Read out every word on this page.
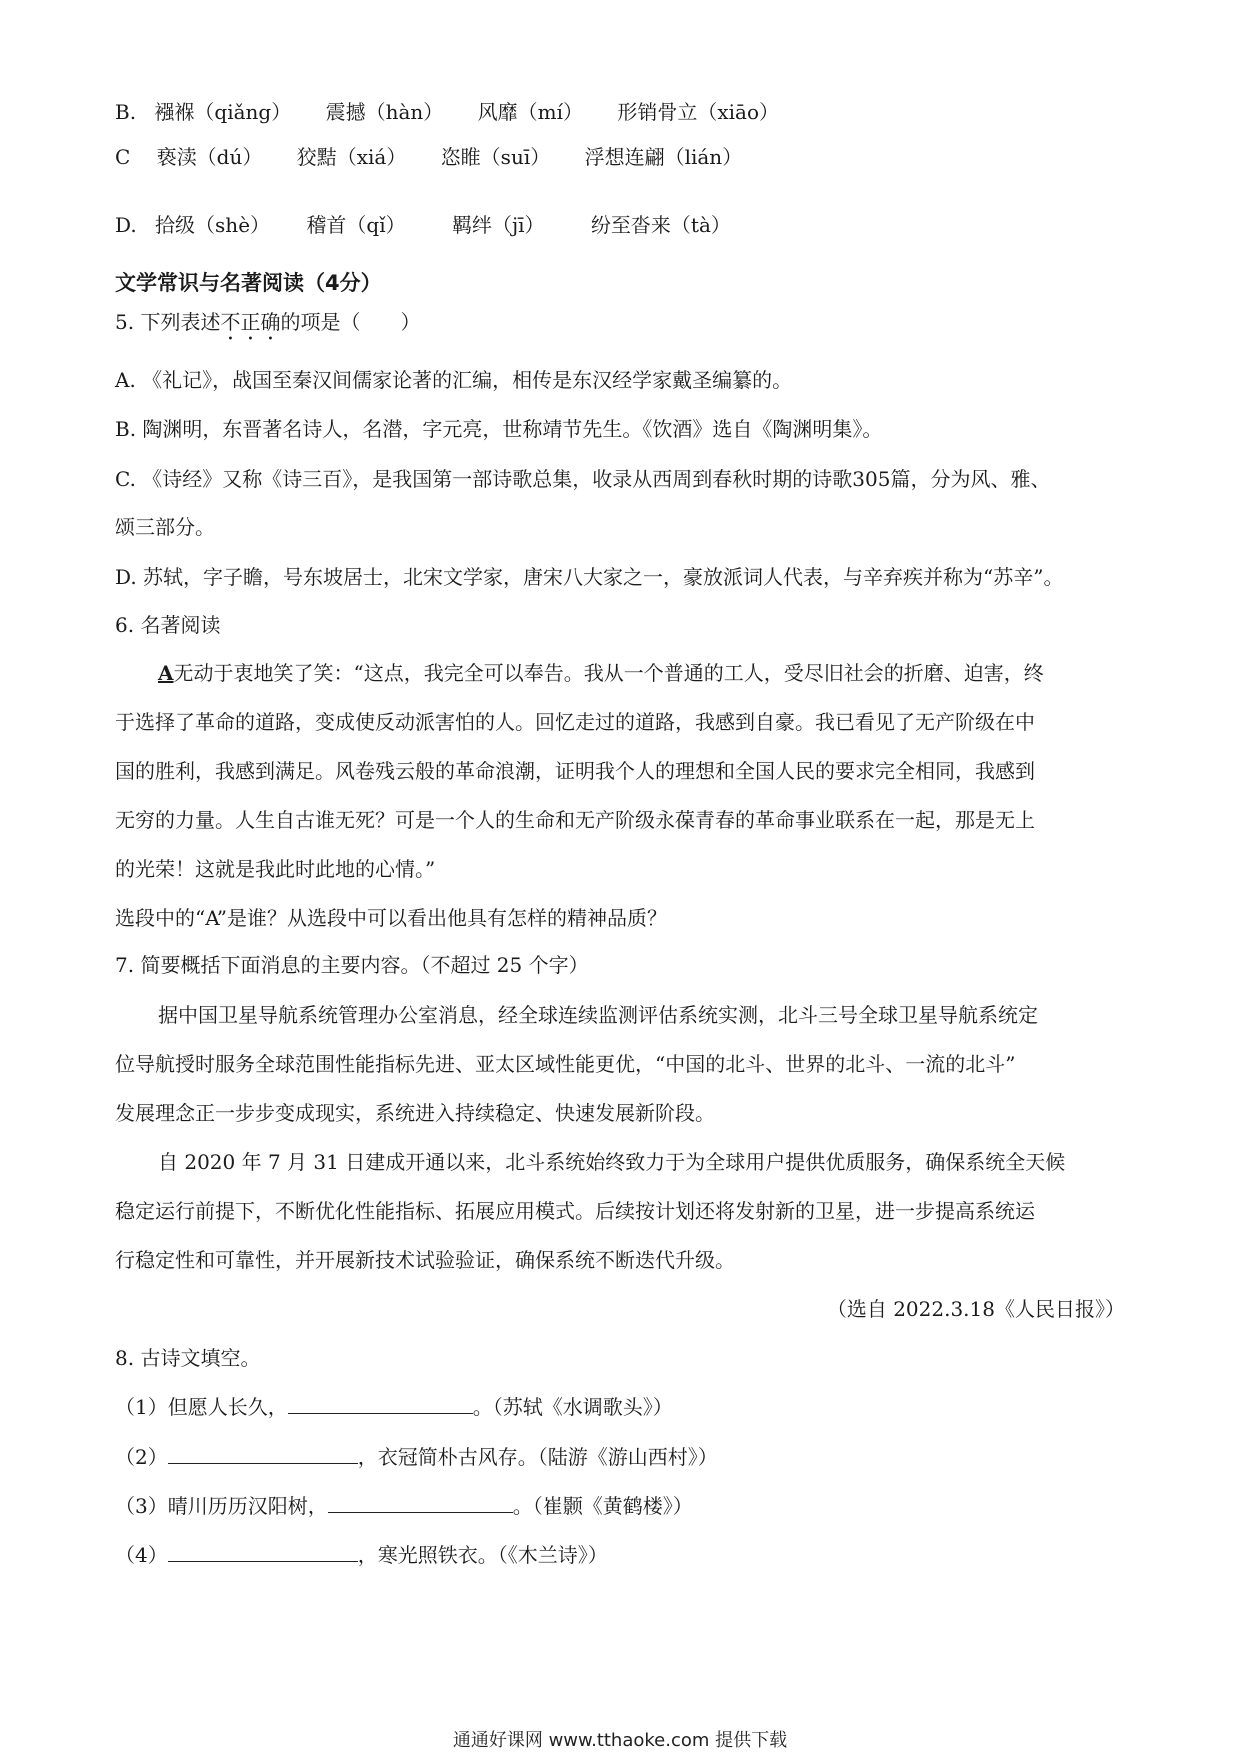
B. 襁褓（qiǎng） 震撼（hàn） 风靡（mí） 形销骨立（xiāo）
C 亵渎（dú） 狡黠（xiá） 恣睢（suī） 浮想连翩（lián）
D. 拾级（shè） 稽首（qǐ） 羁绊（jī） 纷至沓来（tà）
文学常识与名著阅读（4分）
5. 下列表述不正确的项是（　　）
A. 《礼记》，战国至秦汉间儒家论著的汇编，相传是东汉经学家戴圣编纂的。
B. 陶渊明，东晋著名诗人，名潜，字元亮，世称靖节先生。《饮酒》选自《陶渊明集》。
C. 《诗经》又称《诗三百》，是我国第一部诗歌总集，收录从西周到春秋时期的诗歌305篇，分为风、雅、
颂三部分。
D. 苏轼，字子瞻，号东坡居士，北宋文学家，唐宋八大家之一，豪放派词人代表，与辛弃疾并称为“苏辛”。
6. 名著阅读
A无动于衷地笑了笑：“这点，我完全可以奉告。我从一个普通的工人，受尽旧社会的折磨、迫害，终
于选择了革命的道路，变成使反动派害怕的人。回忆走过的道路，我感到自豪。我已看见了无产阶级在中
国的胜利，我感到满足。风卷残云般的革命浪潮，证明我个人的理想和全国人民的要求完全相同，我感到
无穷的力量。人生自古谁无死？可是一个人的生命和无产阶级永葆青春的革命事业联系在一起，那是无上
的光荣！这就是我此时此地的心情。”
选段中的“A”是谁？从选段中可以看出他具有怎样的精神品质？
7. 简要概括下面消息的主要内容。（不超过 25 个字）
据中国卫星导航系统管理办公室消息，经全球连续监测评估系统实测，北斗三号全球卫星导航系统定
位导航授时服务全球范围性能指标先进、亚太区域性能更优，“中国的北斗、世界的北斗、一流的北斗”
发展理念正一步步变成现实，系统进入持续稳定、快速发展新阶段。
自 2020 年 7 月 31 日建成开通以来，北斗系统始终致力于为全球用户提供优质服务，确保系统全天候
稳定运行前提下，不断优化性能指标、拓展应用模式。后续按计划还将发射新的卫星，进一步提高系统运
行稳定性和可靠性，并开展新技术试验验证，确保系统不断迭代升级。
（选自 2022.3.18《人民日报》）
8. 古诗文填空。
（1）但愿人长久，	。（苏轼《水调歌头》）
（2）	，衣冠简朴古风存。（陆游《游山西村》）
（3）晴川历历汉阳树，	。（崔颢《黄鹤楼》）
（4）	，寒光照铁衣。（《木兰诗》）
通通好课网 www.tthaoke.com 提供下载
